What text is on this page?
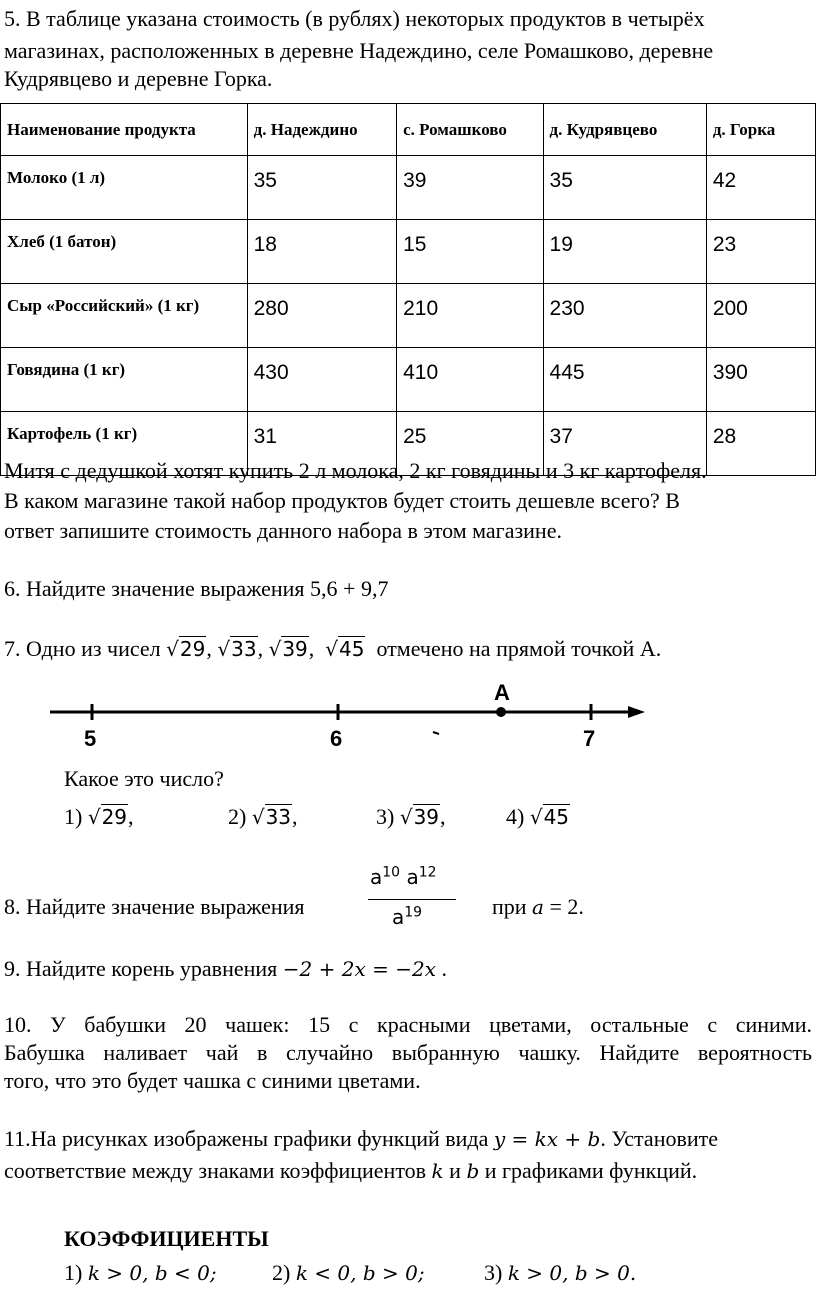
5. В таблице указана стоимость (в рублях) некоторых продуктов в четырёх
магазинах, расположенных в деревне Надеждино, селе Ромашково, деревне
Кудрявцево и деревне Горка.
Наименование продукта	д. Надеждино	с. Ромашково	д. Кудрявцево	д. Горка
Молоко (1 л)	35	39	35	42
Хлеб (1 батон)	18	15	19	23
Сыр «Российский» (1 кг)	280	210	230	200
Говядина (1 кг)	430	410	445	390
Картофель (1 кг)	31	25	37	28
Митя с дедушкой хотят купить 2 л молока, 2 кг говядины и 3 кг картофеля.
В каком магазине такой набор продуктов будет стоить дешевле всего? В
ответ запишите стоимость данного набора в этом магазине.
6. Найдите значение выражения 5,6 + 9,7
7. Одно из чисел √29, √33, √39,  √45 отмечено на прямой точкой А.
A
5	6	7
Какое это число?
1) √29,	2) √33,	3) √39,	4) √45
8. Найдите значение выражения
$a^{10}$ $a^{12}$
$a^{19}$	при a = 2.
9. Найдите корень уравнения −2 + 2x = −2x .
10. У бабушки 20 чашек: 15 с красными цветами, остальные с синими.
Бабушка наливает чай в случайно выбранную чашку. Найдите вероятность
того, что это будет чашка с синими цветами.
11.На рисунках изображены графики функций вида y = kx + b. Установите
соответствие между знаками коэффициентов k и b и графиками функций.
КОЭФФИЦИЕНТЫ
1) k > 0, b < 0;	2) k < 0, b > 0;	3) k > 0, b > 0.
